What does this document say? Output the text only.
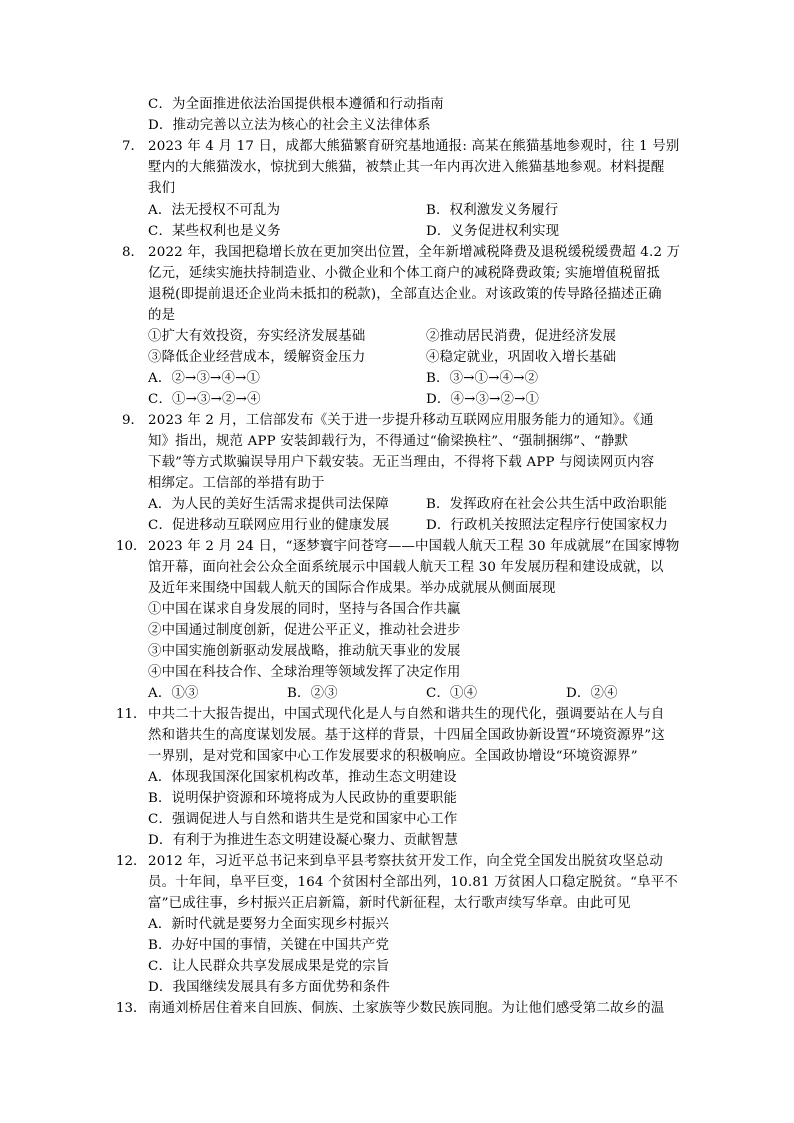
C．为全面推进依法治国提供根本遵循和行动指南
D．推动完善以立法为核心的社会主义法律体系
7． 2023 年 4 月 17 日，成都大熊猫繁育研究基地通报: 高某在熊猫基地参观时，往 1 号别
墅内的大熊猫泼水，惊扰到大熊猫，被禁止其一年内再次进入熊猫基地参观。材料提醒
我们
A．法无授权不可乱为	B．权利激发义务履行
C．某些权利也是义务	D．义务促进权利实现
8． 2022 年，我国把稳增长放在更加突出位置，全年新增减税降费及退税缓税缓费超 4.2 万
亿元，延续实施扶持制造业、小微企业和个体工商户的减税降费政策; 实施增值税留抵
退税(即提前退还企业尚未抵扣的税款)，全部直达企业。对该政策的传导路径描述正确
的是
①扩大有效投资，夯实经济发展基础	②推动居民消费，促进经济发展
③降低企业经营成本，缓解资金压力	④稳定就业，巩固收入增长基础
A．②→③→④→①	B．③→①→④→②
C．①→③→②→④	D．④→③→②→①
9． 2023 年 2 月，工信部发布《关于进一步提升移动互联网应用服务能力的通知》。《通
知》指出，规范 APP 安装卸载行为，不得通过“偷梁换柱”、“强制捆绑”、“静默
下载”等方式欺骗误导用户下载安装。无正当理由，不得将下载 APP 与阅读网页内容
相绑定。工信部的举措有助于
A．为人民的美好生活需求提供司法保障	B．发挥政府在社会公共生活中政治职能
C．促进移动互联网应用行业的健康发展	D．行政机关按照法定程序行使国家权力
10． 2023 年 2 月 24 日，“逐梦寰宇问苍穹——中国载人航天工程 30 年成就展”在国家博物
馆开幕，面向社会公众全面系统展示中国载人航天工程 30 年发展历程和建设成就，以
及近年来围绕中国载人航天的国际合作成果。举办成就展从侧面展现
①中国在谋求自身发展的同时，坚持与各国合作共赢
②中国通过制度创新，促进公平正义，推动社会进步
③中国实施创新驱动发展战略，推动航天事业的发展
④中国在科技合作、全球治理等领域发挥了决定作用
A．①③	B．②③	C．①④	D．②④
11． 中共二十大报告提出，中国式现代化是人与自然和谐共生的现代化，强调要站在人与自
然和谐共生的高度谋划发展。基于这样的背景，十四届全国政协新设置“环境资源界”这
一界别，是对党和国家中心工作发展要求的积极响应。全国政协增设“环境资源界”
A．体现我国深化国家机构改革，推动生态文明建设
B．说明保护资源和环境将成为人民政协的重要职能
C．强调促进人与自然和谐共生是党和国家中心工作
D．有利于为推进生态文明建设凝心聚力、贡献智慧
12． 2012 年，习近平总书记来到阜平县考察扶贫开发工作，向全党全国发出脱贫攻坚总动
员。十年间，阜平巨变，164 个贫困村全部出列，10.81 万贫困人口稳定脱贫。“阜平不
富”已成往事，乡村振兴正启新篇，新时代新征程，太行歌声续写华章。由此可见
A．新时代就是要努力全面实现乡村振兴
B．办好中国的事情，关键在中国共产党
C．让人民群众共享发展成果是党的宗旨
D．我国继续发展具有多方面优势和条件
13． 南通刘桥居住着来自回族、侗族、土家族等少数民族同胞。为让他们感受第二故乡的温
